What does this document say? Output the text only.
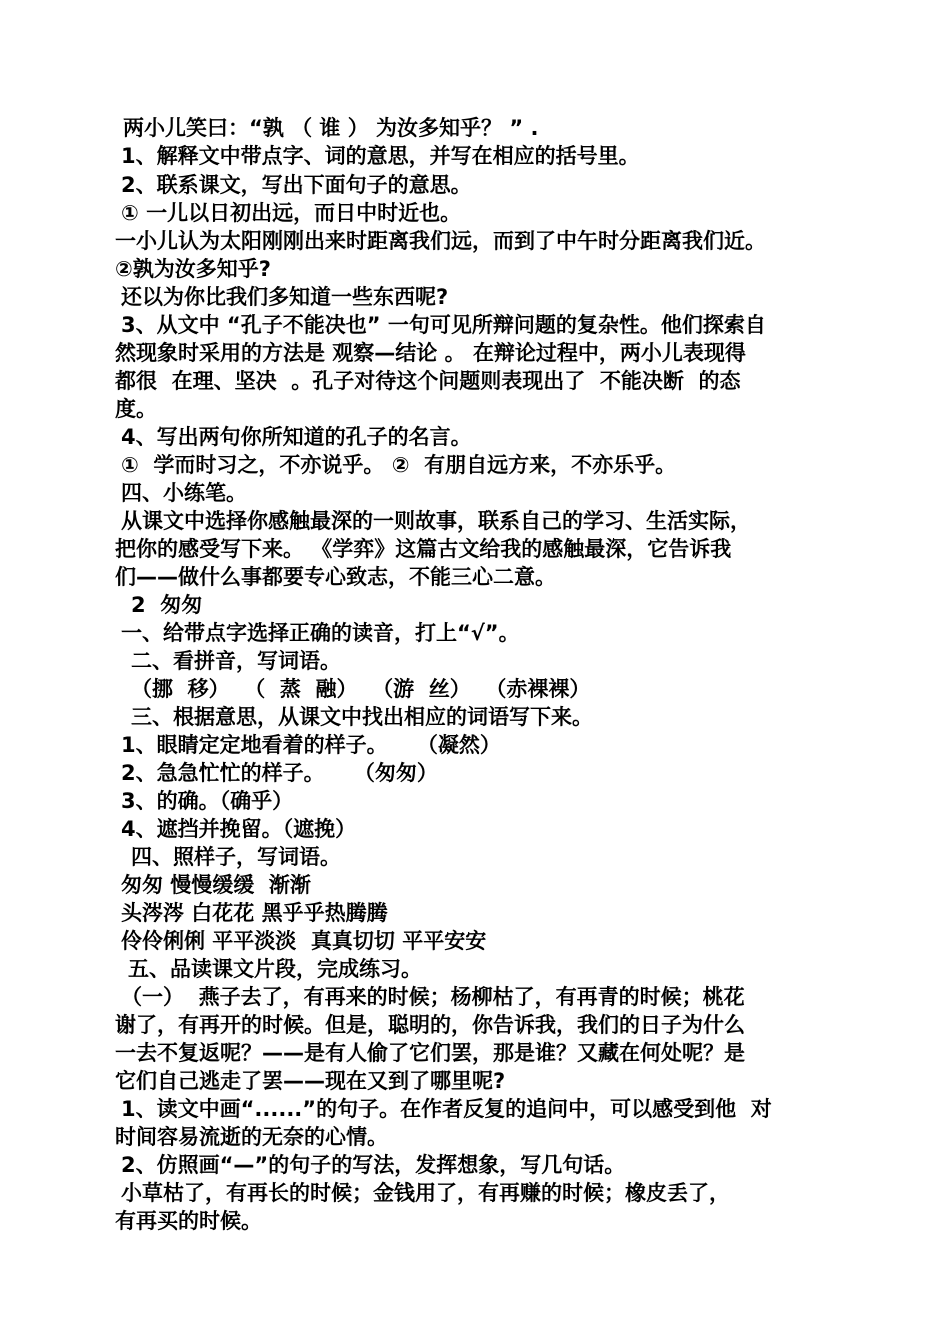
两小儿笑曰：“孰 （ 谁 ） 为汝多知乎？ ” .
1、解释文中带点字、词的意思，并写在相应的括号里。
2、联系课文，写出下面句子的意思。
① 一儿以日初出远，而日中时近也。
一小儿认为太阳刚刚出来时距离我们远，而到了中午时分距离我们近。
②孰为汝多知乎?
还以为你比我们多知道一些东西呢?
3、从文中 “孔子不能决也” 一句可见所辩问题的复杂性。他们探索自
然现象时采用的方法是 观察—结论 。 在辩论过程中，两小儿表现得
都很  在理、坚决  。孔子对待这个问题则表现出了  不能决断  的态
度。
4、写出两句你所知道的孔子的名言。
①  学而时习之，不亦说乎。 ②  有朋自远方来，不亦乐乎。
四、小练笔。
从课文中选择你感触最深的一则故事，联系自己的学习、生活实际，
把你的感受写下来。 《学弈》这篇古文给我的感触最深，它告诉我
们——做什么事都要专心致志，不能三心二意。
2  匆匆
一、给带点字选择正确的读音，打上“√”。
二、看拼音，写词语。
（挪  移）  （  蒸  融）  （游  丝）  （赤裸裸）
三、根据意思，从课文中找出相应的词语写下来。
1、眼睛定定地看着的样子。    （凝然）
2、急急忙忙的样子。    （匆匆）
3、的确。（确乎）
4、遮挡并挽留。（遮挽）
四、照样子，写词语。
匆匆 慢慢缓缓  渐渐
头涔涔 白花花 黑乎乎热腾腾
伶伶俐俐 平平淡淡  真真切切 平平安安
五、品读课文片段，完成练习。
（一）  燕子去了，有再来的时候；杨柳枯了，有再青的时候；桃花
谢了，有再开的时候。但是，聪明的，你告诉我，我们的日子为什么
一去不复返呢？——是有人偷了它们罢，那是谁？又藏在何处呢？是
它们自己逃走了罢——现在又到了哪里呢?
1、读文中画“......”的句子。在作者反复的追问中，可以感受到他  对
时间容易流逝的无奈的心情。
2、仿照画“—”的句子的写法，发挥想象，写几句话。
小草枯了，有再长的时候；金钱用了，有再赚的时候；橡皮丢了，
有再买的时候。
